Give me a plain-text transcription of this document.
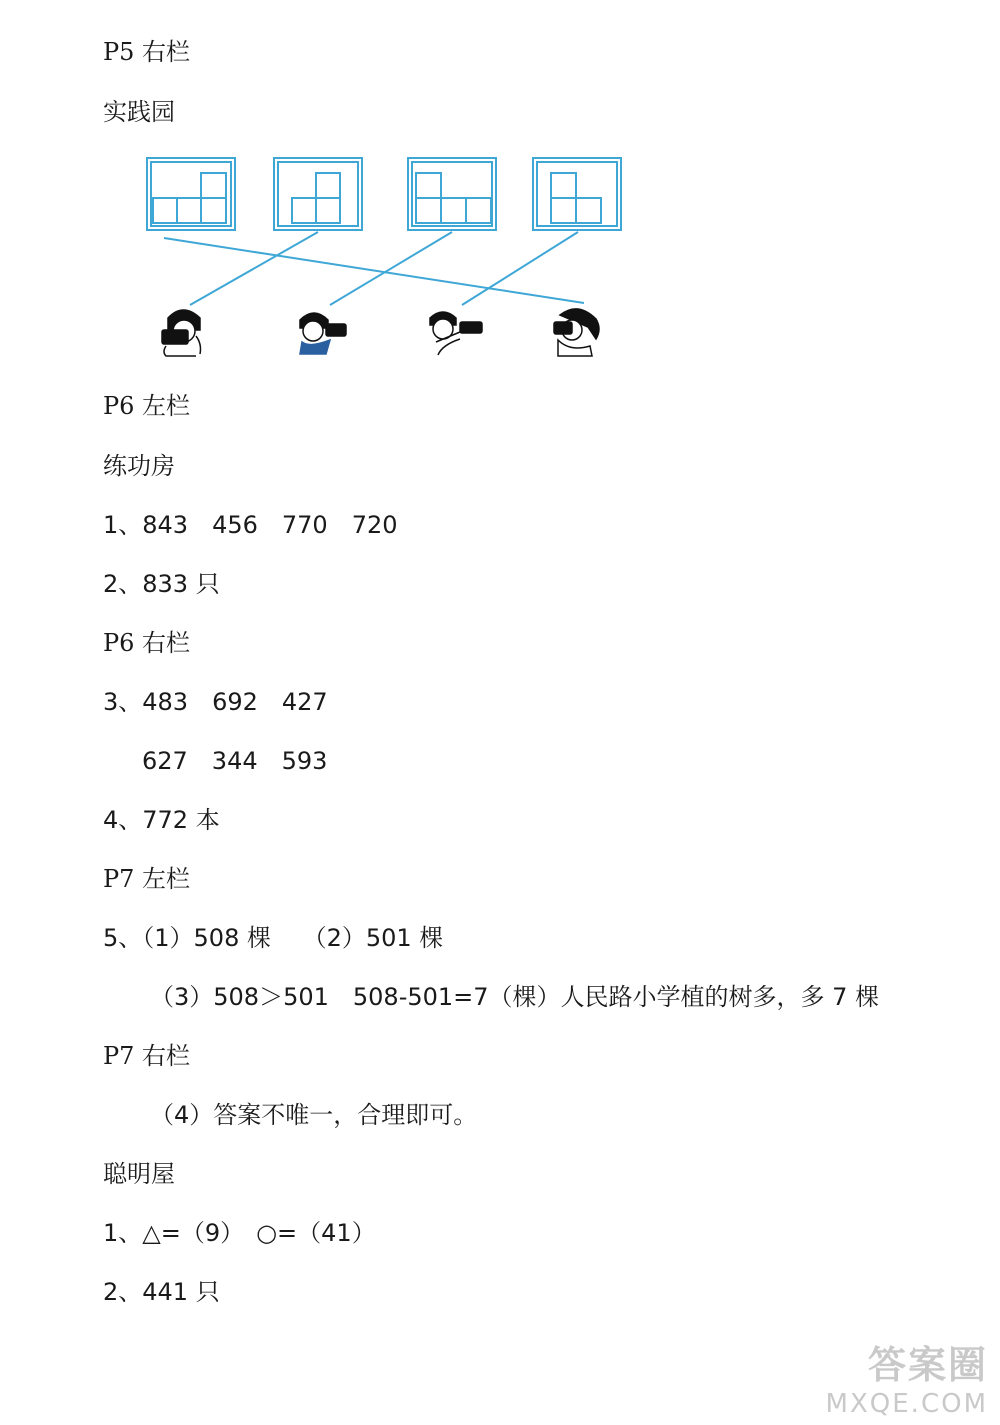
P5 右栏
实践园
P6 左栏
练功房
1、843　456　770　720
2、833 只
P6 右栏
3、483　692　427
627　344　593
4、772 本
P7 左栏
5、（1）508 棵　 （2）501 棵
（3）508＞501　508-501=7（棵）人民路小学植的树多，多 7 棵
P7 右栏
（4）答案不唯一，合理即可。
聪明屋
1、△=（9）　○=（41）
2、441 只
答案圈
MXQE.COM
